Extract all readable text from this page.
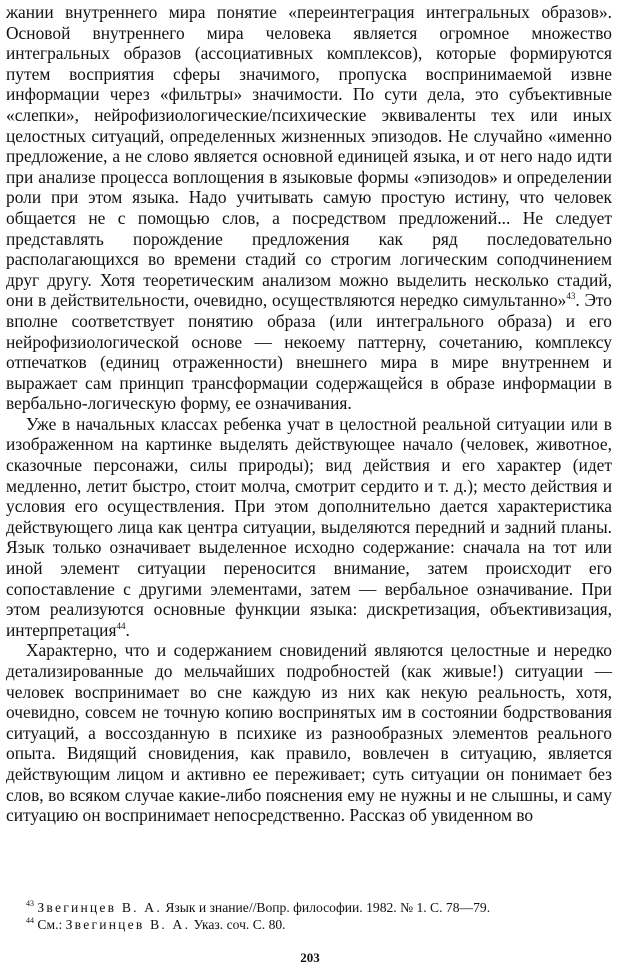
жании внутреннего мира понятие «переинтеграция интегральных образов». Основой внутреннего мира человека является огромное множество интегральных образов (ассоциативных комплексов), которые формируются путем восприятия сферы значимого, пропуска воспринимаемой извне информации через «фильтры» значимости. По сути дела, это субъективные «слепки», нейрофизиологические/психические эквиваленты тех или иных целостных ситуаций, определенных жизненных эпизодов. Не случайно «именно предложение, а не слово является основной единицей языка, и от него надо идти при анализе процесса воплощения в языковые формы «эпизодов» и определении роли при этом языка. Надо учитывать самую простую истину, что человек общается не с помощью слов, а посредством предложений... Не следует представлять порождение предложения как ряд последовательно располагающихся во времени стадий со строгим логическим соподчинением друг другу. Хотя теоретическим анализом можно выделить несколько стадий, они в действительности, очевидно, осуществляются нередко симультанно»$^{43}$. Это вполне соответствует понятию образа (или интегрального образа) и его нейрофизиологической основе — некоему паттерну, сочетанию, комплексу отпечатков (единиц отраженности) внешнего мира в мире внутреннем и выражает сам принцип трансформации содержащейся в образе информации в вербально-логическую форму, ее означивания.

Уже в начальных классах ребенка учат в целостной реальной ситуации или в изображенном на картинке выделять действующее начало (человек, животное, сказочные персонажи, силы природы); вид действия и его характер (идет медленно, летит быстро, стоит молча, смотрит сердито и т. д.); место действия и условия его осуществления. При этом дополнительно дается характеристика действующего лица как центра ситуации, выделяются передний и задний планы. Язык только означивает выделенное исходно содержание: сначала на тот или иной элемент ситуации переносится внимание, затем происходит его сопоставление с другими элементами, затем — вербальное означивание. При этом реализуются основные функции языка: дискретизация, объективизация, интерпретация$^{44}$.

Характерно, что и содержанием сновидений являются целостные и нередко детализированные до мельчайших подробностей (как живые!) ситуации — человек воспринимает во сне каждую из них как некую реальность, хотя, очевидно, совсем не точную копию воспринятых им в состоянии бодрствования ситуаций, а воссозданную в психике из разнообразных элементов реального опыта. Видящий сновидения, как правило, вовлечен в ситуацию, является действующим лицом и активно ее переживает; суть ситуации он понимает без слов, во всяком случае какие-либо пояснения ему не нужны и не слышны, и саму ситуацию он воспринимает непосредственно. Рассказ об увиденном во

$^{43}$ Звегинцев В. А. Язык и знание//Вопр. философии. 1982. № 1. С. 78—79.

$^{44}$ См.: Звегинцев В. А. Указ. соч. С. 80.

203
